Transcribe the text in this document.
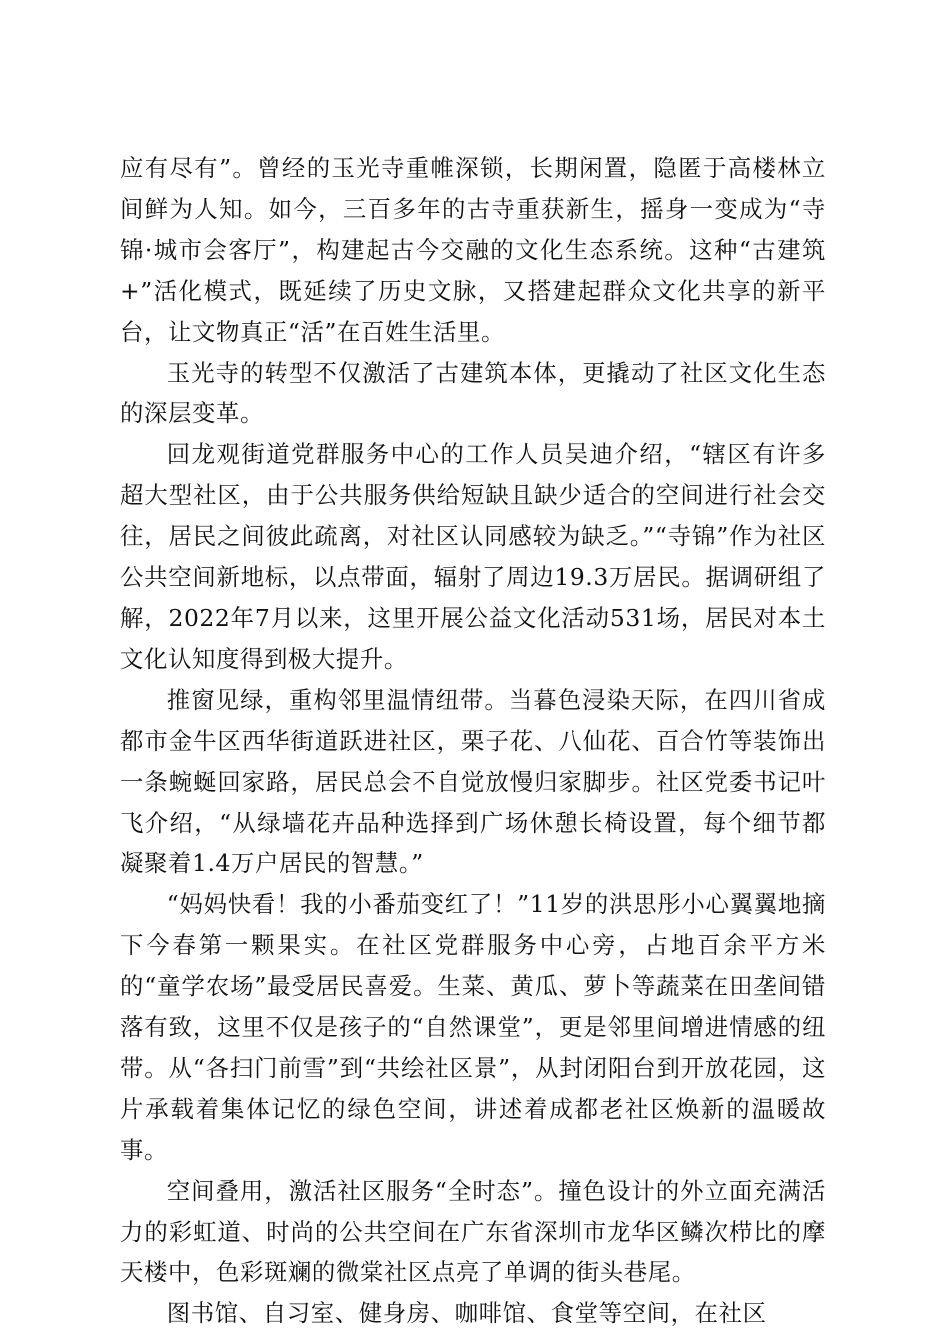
应有尽有”。曾经的玉光寺重帷深锁，长期闲置，隐匿于高楼林立间鲜为人知。如今，三百多年的古寺重获新生，摇身一变成为“寺锦·城市会客厅”，构建起古今交融的文化生态系统。这种“古建筑+”活化模式，既延续了历史文脉，又搭建起群众文化共享的新平台，让文物真正“活”在百姓生活里。

玉光寺的转型不仅激活了古建筑本体，更撬动了社区文化生态的深层变革。

回龙观街道党群服务中心的工作人员吴迪介绍，“辖区有许多超大型社区，由于公共服务供给短缺且缺少适合的空间进行社会交往，居民之间彼此疏离，对社区认同感较为缺乏。”“寺锦”作为社区公共空间新地标，以点带面，辐射了周边19.3万居民。据调研组了解，2022年7月以来，这里开展公益文化活动531场，居民对本土文化认知度得到极大提升。

推窗见绿，重构邻里温情纽带。当暮色浸染天际，在四川省成都市金牛区西华街道跃进社区，栗子花、八仙花、百合竹等装饰出一条蜿蜒回家路，居民总会不自觉放慢归家脚步。社区党委书记叶飞介绍，“从绿墙花卉品种选择到广场休憩长椅设置，每个细节都凝聚着1.4万户居民的智慧。”

“妈妈快看！我的小番茄变红了！”11岁的洪思彤小心翼翼地摘下今春第一颗果实。在社区党群服务中心旁，占地百余平方米的“童学农场”最受居民喜爱。生菜、黄瓜、萝卜等蔬菜在田垄间错落有致，这里不仅是孩子的“自然课堂”，更是邻里间增进情感的纽带。从“各扫门前雪”到“共绘社区景”，从封闭阳台到开放花园，这片承载着集体记忆的绿色空间，讲述着成都老社区焕新的温暖故事。

空间叠用，激活社区服务“全时态”。撞色设计的外立面充满活力的彩虹道、时尚的公共空间在广东省深圳市龙华区鳞次栉比的摩天楼中，色彩斑斓的微棠社区点亮了单调的街头巷尾。

图书馆、自习室、健身房、咖啡馆、食堂等空间，在社区
